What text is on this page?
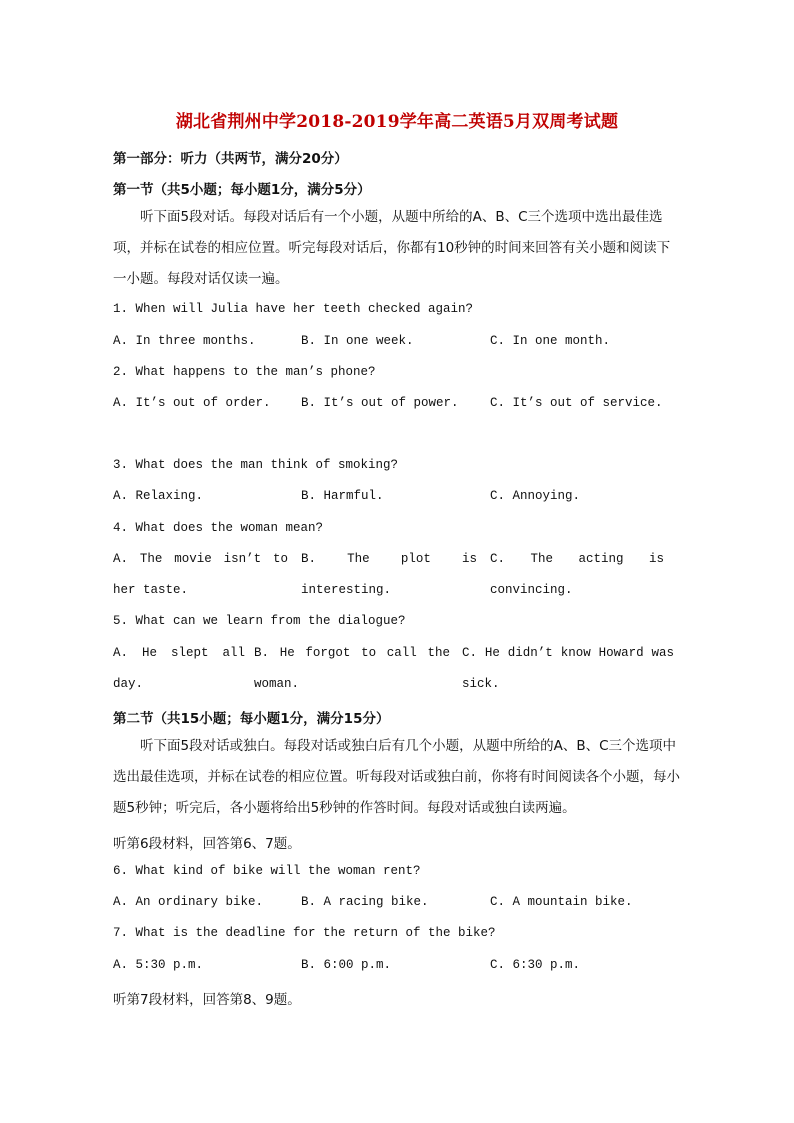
湖北省荆州中学2018-2019学年高二英语5月双周考试题
第一部分：听力（共两节，满分20分）
第一节（共5小题；每小题1分，满分5分）
听下面5段对话。每段对话后有一个小题，从题中所给的A、B、C三个选项中选出最佳选项，并标在试卷的相应位置。听完每段对话后，你都有10秒钟的时间来回答有关小题和阅读下一小题。每段对话仅读一遍。
1. When will Julia have her teeth checked again?
A. In three months.	B. In one week.	C. In one month.
2. What happens to the man’s phone?
A. It’s out of order. B. It’s out of power.	C. It’s out of service.
3. What does the man think of smoking?
A. Relaxing.	B. Harmful.	C. Annoying.
4. What does the woman mean?
A. The movie isn’t to her taste.
B. The plot is interesting.
C. The acting is convincing.
5. What can we learn from the dialogue?
A. He slept all day.
B. He forgot to call the woman.
C. He didn’t know Howard was sick.
第二节（共15小题；每小题1分，满分15分）
听下面5段对话或独白。每段对话或独白后有几个小题，从题中所给的A、B、C三个选项中选出最佳选项，并标在试卷的相应位置。听每段对话或独白前，你将有时间阅读各个小题，每小题5秒钟；听完后，各小题将给出5秒钟的作答时间。每段对话或独白读两遍。
听第6段材料，回答第6、7题。
6. What kind of bike will the woman rent?
A. An ordinary bike.	B. A racing bike.	C. A mountain bike.
7. What is the deadline for the return of the bike?
A. 5:30 p.m.	B. 6:00 p.m.	C. 6:30 p.m.
听第7段材料，回答第8、9题。
